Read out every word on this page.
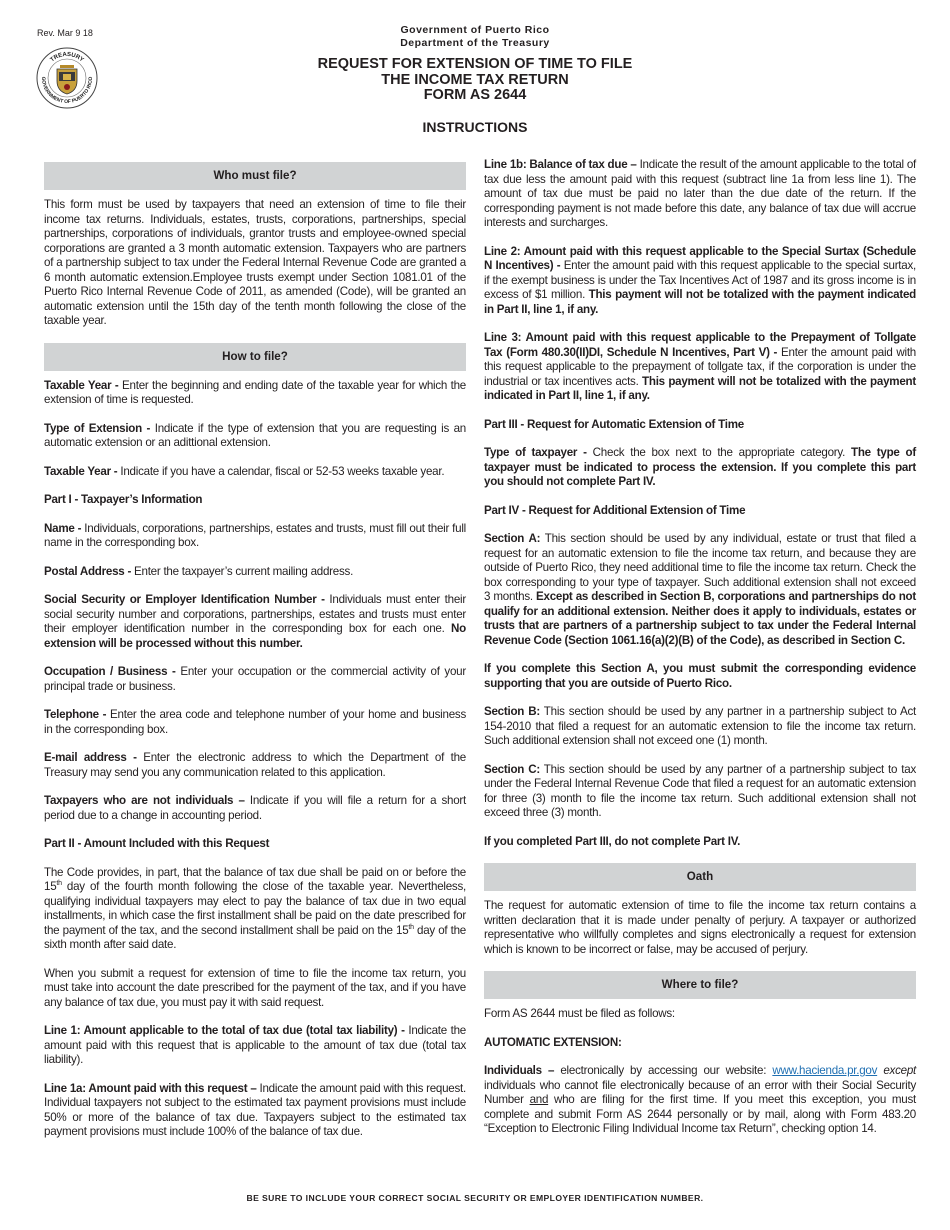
Rev. Mar 9 18
TREASURY
GOVERNMENT OF PUERTO RICO
Government of Puerto Rico
Department of the Treasury
REQUEST FOR EXTENSION OF TIME TO FILE
THE INCOME TAX RETURN
FORM AS 2644
INSTRUCTIONS
Who must file?

This form must be used by taxpayers that need an extension of time to file their income tax returns. Individuals, estates, trusts, corporations, partnerships, special partnerships, corporations of individuals, grantor trusts and employee-owned special corporations are granted a 3 month automatic extension. Taxpayers who are partners of a partnership subject to tax under the Federal Internal Revenue Code are granted a 6 month automatic extension.Employee trusts exempt under Section 1081.01 of the Puerto Rico Internal Revenue Code of 2011, as amended (Code), will be granted an automatic extension until the 15th day of the tenth month following the close of the taxable year.

How to file?

Taxable Year - Enter the beginning and ending date of the taxable year for which the extension of time is requested.

Type of Extension - Indicate if the type of extension that you are requesting is an automatic extension or an adittional extension.

Taxable Year - Indicate if you have a calendar, fiscal or 52-53 weeks taxable year.

Part I - Taxpayer’s Information

Name - Individuals, corporations, partnerships, estates and trusts, must fill out their full name in the corresponding box.

Postal Address - Enter the taxpayer’s current mailing address.

Social Security or Employer Identification Number - Individuals must enter their social security number and corporations, partnerships, estates and trusts must enter their employer identification number in the corresponding box for each one. No extension will be processed without this number.

Occupation / Business - Enter your occupation or the commercial activity of your principal trade or business.

Telephone - Enter the area code and telephone number of your home and business in the corresponding box.

E-mail address - Enter the electronic address to which the Department of the Treasury may send you any communication related to this application.

Taxpayers who are not individuals – Indicate if you will file a return for a short period due to a change in accounting period.

Part II - Amount Included with this Request

The Code provides, in part, that the balance of tax due shall be paid on or before the 15th day of the fourth month following the close of the taxable year. Nevertheless, qualifying individual taxpayers may elect to pay the balance of tax due in two equal installments, in which case the first installment shall be paid on the date prescribed for the payment of the tax, and the second installment shall be paid on the 15th day of the sixth month after said date.

When you submit a request for extension of time to file the income tax return, you must take into account the date prescribed for the payment of the tax, and if you have any balance of tax due, you must pay it with said request.

Line 1: Amount applicable to the total of tax due (total tax liability) - Indicate the amount paid with this request that is applicable to the amount of tax due (total tax liability).

Line 1a: Amount paid with this request – Indicate the amount paid with this request. Individual taxpayers not subject to the estimated tax payment provisions must include 50% or more of the balance of tax due. Taxpayers subject to the estimated tax payment provisions must include 100% of the balance of tax due.

Line 1b: Balance of tax due – Indicate the result of the amount applicable to the total of tax due less the amount paid with this request (subtract line 1a from less line 1). The amount of tax due must be paid no later than the due date of the return. If the corresponding payment is not made before this date, any balance of tax due will accrue interests and surcharges.

Line 2: Amount paid with this request applicable to the Special Surtax (Schedule N Incentives) - Enter the amount paid with this request applicable to the special surtax, if the exempt business is under the Tax Incentives Act of 1987 and its gross income is in excess of $1 million. This payment will not be totalized with the payment indicated in Part II, line 1, if any.

Line 3: Amount paid with this request applicable to the Prepayment of Tollgate Tax (Form 480.30(II)DI, Schedule N Incentives, Part V) - Enter the amount paid with this request applicable to the prepayment of tollgate tax, if the corporation is under the industrial or tax incentives acts. This payment will not be totalized with the payment indicated in Part II, line 1, if any.

Part III - Request for Automatic Extension of Time

Type of taxpayer - Check the box next to the appropriate category. The type of taxpayer must be indicated to process the extension. If you complete this part you should not complete Part IV.

Part IV - Request for Additional Extension of Time

Section A: This section should be used by any individual, estate or trust that filed a request for an automatic extension to file the income tax return, and because they are outside of Puerto Rico, they need additional time to file the income tax return. Check the box corresponding to your type of taxpayer. Such additional extension shall not exceed 3 months. Except as described in Section B, corporations and partnerships do not qualify for an additional extension. Neither does it apply to individuals, estates or trusts that are partners of a partnership subject to tax under the Federal Internal Revenue Code (Section 1061.16(a)(2)(B) of the Code), as described in Section C.

If you complete this Section A, you must submit the corresponding evidence supporting that you are outside of Puerto Rico.

Section B: This section should be used by any partner in a partnership subject to Act 154-2010 that filed a request for an automatic extension to file the income tax return. Such additional extension shall not exceed one (1) month.

Section C: This section should be used by any partner of a partnership subject to tax under the Federal Internal Revenue Code that filed a request for an automatic extension for three (3) month to file the income tax return. Such additional extension shall not exceed three (3) month.

If you completed Part III, do not complete Part IV.

Oath

The request for automatic extension of time to file the income tax return contains a written declaration that it is made under penalty of perjury. A taxpayer or authorized representative who willfully completes and signs electronically a request for extension which is known to be incorrect or false, may be accused of perjury.

Where to file?

Form AS 2644 must be filed as follows:

AUTOMATIC EXTENSION:

Individuals – electronically by accessing our website: www.hacienda.pr.gov except individuals who cannot file electronically because of an error with their Social Security Number and who are filing for the first time. If you meet this exception, you must complete and submit Form AS 2644 personally or by mail, along with Form 483.20 “Exception to Electronic Filing Individual Income tax Return”, checking option 14.

BE SURE TO INCLUDE YOUR CORRECT SOCIAL SECURITY OR EMPLOYER IDENTIFICATION NUMBER.
